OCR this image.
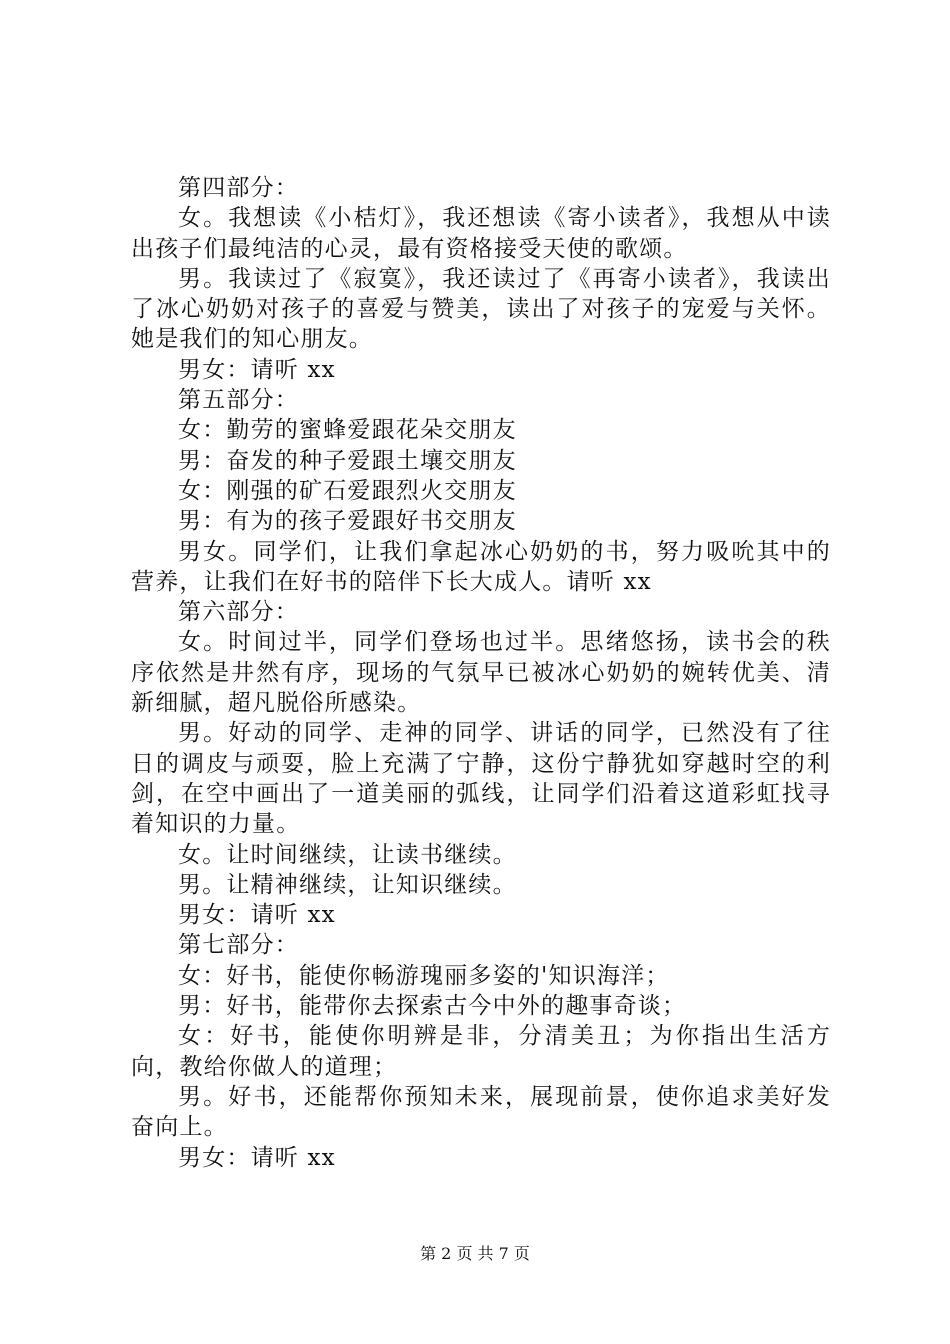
第四部分：

女。我想读《小桔灯》，我还想读《寄小读者》，我想从中读出孩子们最纯洁的心灵，最有资格接受天使的歌颂。

男。我读过了《寂寞》，我还读过了《再寄小读者》，我读出了冰心奶奶对孩子的喜爱与赞美，读出了对孩子的宠爱与关怀。她是我们的知心朋友。

男女：请听 xx

第五部分：

女：勤劳的蜜蜂爱跟花朵交朋友

男：奋发的种子爱跟土壤交朋友

女：刚强的矿石爱跟烈火交朋友

男：有为的孩子爱跟好书交朋友

男女。同学们，让我们拿起冰心奶奶的书，努力吸吮其中的营养，让我们在好书的陪伴下长大成人。请听 xx

第六部分：

女。时间过半，同学们登场也过半。思绪悠扬，读书会的秩序依然是井然有序，现场的气氛早已被冰心奶奶的婉转优美、清新细腻，超凡脱俗所感染。

男。好动的同学、走神的同学、讲话的同学，已然没有了往日的调皮与顽耍，脸上充满了宁静，这份宁静犹如穿越时空的利剑，在空中画出了一道美丽的弧线，让同学们沿着这道彩虹找寻着知识的力量。

女。让时间继续，让读书继续。

男。让精神继续，让知识继续。

男女：请听 xx

第七部分：

女：好书，能使你畅游瑰丽多姿的'知识海洋；

男：好书，能带你去探索古今中外的趣事奇谈；

女：好书，能使你明辨是非，分清美丑；为你指出生活方向，教给你做人的道理；

男。好书，还能帮你预知未来，展现前景，使你追求美好发奋向上。

男女：请听 xx

第 2 页 共 7 页
